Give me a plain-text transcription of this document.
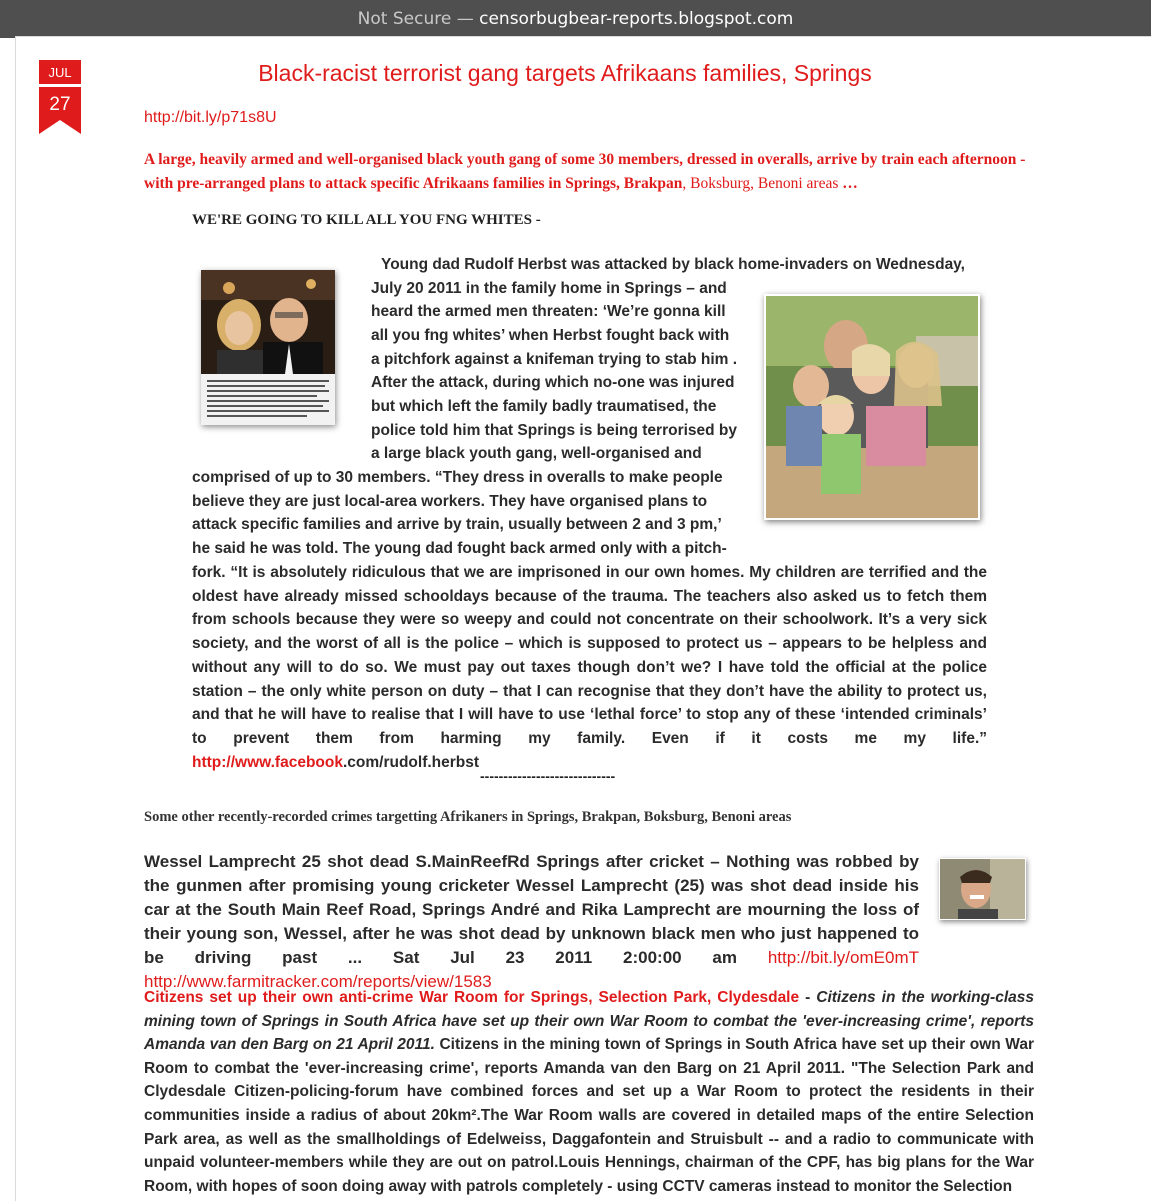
Not Secure — censorbugbear-reports.blogspot.com
JUL
27
Black-racist terrorist gang targets Afrikaans families, Springs
http://bit.ly/p71s8U
A large, heavily armed and well-organised black youth gang of some 30 members, dressed in overalls, arrive by train each afternoon - with pre-arranged plans to attack specific Afrikaans families in Springs, Brakpan, Boksburg, Benoni areas …
WE'RE GOING TO KILL ALL YOU FNG WHITES -
Young dad Rudolf Herbst was attacked by black home-invaders on Wednesday,
July 20 2011 in the family home in Springs – and
heard the armed men threaten: ‘We’re gonna kill
all you fng whites’ when Herbst fought back with
a pitchfork against a knifeman trying to stab him .
After the attack, during which no-one was injured
but which left the family badly traumatised, the
police told him that Springs is being terrorised by
a large black youth gang, well-organised and
comprised of up to 30 members. “They dress in overalls to make people
believe they are just local-area workers. They have organised plans to
attack specific families and arrive by train, usually between 2 and 3 pm,’
he said he was told. The young dad fought back armed only with a pitch-
fork. “It is absolutely ridiculous that we are imprisoned in our own homes. My children are terrified and the oldest have already missed schooldays because of the trauma. The teachers also asked us to fetch them from schools because they were so weepy and could not concentrate on their schoolwork. It’s a very sick society, and the worst of all is the police – which is supposed to protect us – appears to be helpless and without any will to do so. We must pay out taxes though don’t we? I have told the official at the police station – the only white person on duty – that I can recognise that they don’t have the ability to protect us, and that he will have to realise that I will have to use ‘lethal force’ to stop any of these ‘intended criminals’ to prevent them from harming my family. Even if it costs me my life.” http://www.facebook.com/rudolf.herbst
-----------------------------
Some other recently-recorded crimes targetting Afrikaners in Springs, Brakpan, Boksburg, Benoni areas
Wessel Lamprecht 25 shot dead S.MainReefRd Springs after cricket – Nothing was robbed by the gunmen after promising young cricketer Wessel Lamprecht (25) was shot dead inside his car at the South Main Reef Road, Springs André and Rika Lamprecht are mourning the loss of their young son, Wessel, after he was shot dead by unknown black men who just happened to be driving past ... Sat Jul 23 2011 2:00:00 am http://bit.ly/omE0mT http://www.farmitracker.com/reports/view/1583
Citizens set up their own anti-crime War Room for Springs, Selection Park, Clydesdale - Citizens in the working-class mining town of Springs in South Africa have set up their own War Room to combat the 'ever-increasing crime', reports Amanda van den Barg on 21 April 2011. Citizens in the mining town of Springs in South Africa have set up their own War Room to combat the 'ever-increasing crime', reports Amanda van den Barg on 21 April 2011. "The Selection Park and Clydesdale Citizen-policing-forum have combined forces and set up a War Room to protect the residents in their communities inside a radius of about 20km².The War Room walls are covered in detailed maps of the entire Selection Park area, as well as the smallholdings of Edelweiss, Daggafontein and Struisbult -- and a radio to communicate with unpaid volunteer-members while they are out on patrol.Louis Hennings, chairman of the CPF, has big plans for the War Room, with hopes of soon doing away with patrols completely - using CCTV cameras instead to monitor the Selection
